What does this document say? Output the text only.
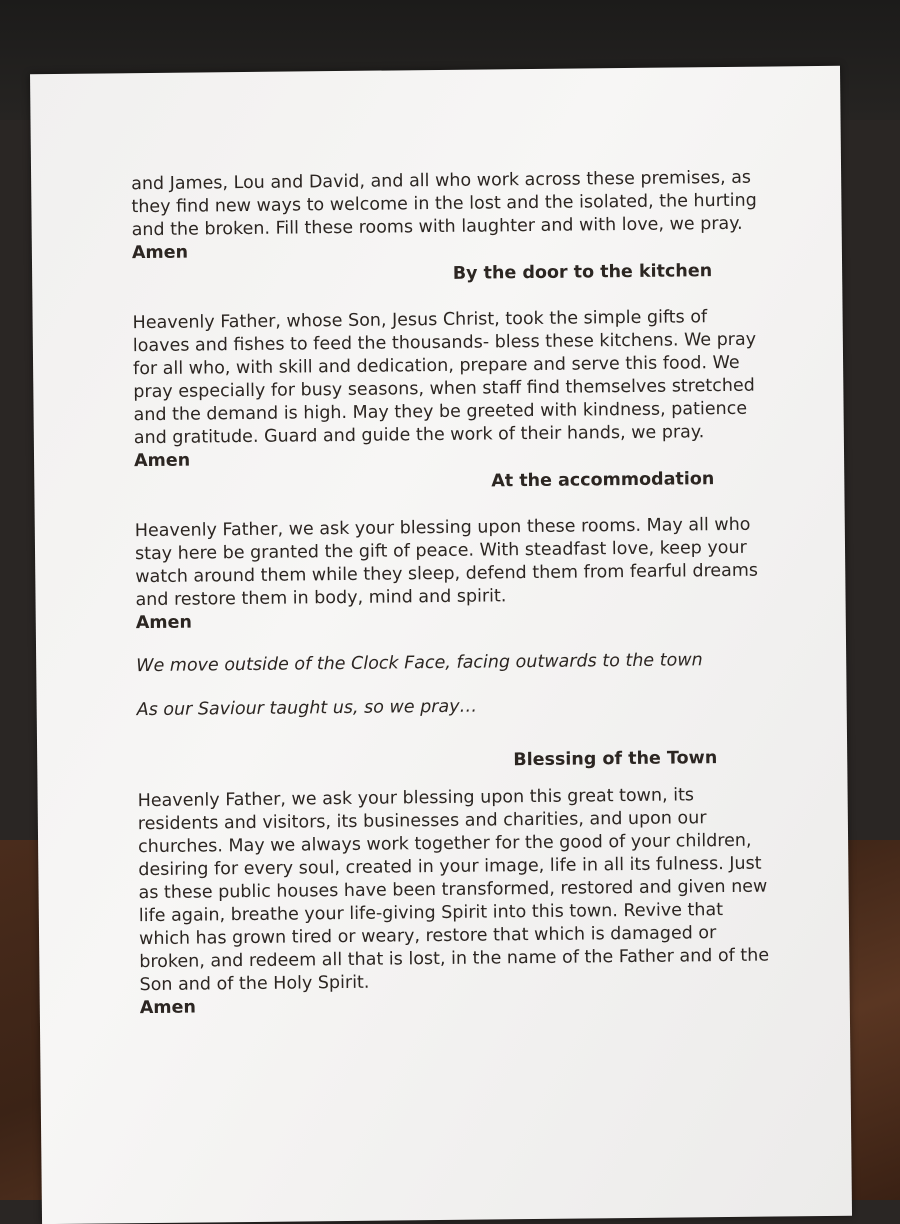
and James, Lou and David, and all who work across these premises, as
they find new ways to welcome in the lost and the isolated, the hurting
and the broken. Fill these rooms with laughter and with love, we pray.

Amen

By the door to the kitchen

Heavenly Father, whose Son, Jesus Christ, took the simple gifts of
loaves and fishes to feed the thousands- bless these kitchens. We pray
for all who, with skill and dedication, prepare and serve this food. We
pray especially for busy seasons, when staff find themselves stretched
and the demand is high. May they be greeted with kindness, patience
and gratitude. Guard and guide the work of their hands, we pray.

Amen

At the accommodation

Heavenly Father, we ask your blessing upon these rooms. May all who
stay here be granted the gift of peace. With steadfast love, keep your
watch around them while they sleep, defend them from fearful dreams
and restore them in body, mind and spirit.

Amen

We move outside of the Clock Face, facing outwards to the town

As our Saviour taught us, so we pray…

Blessing of the Town

Heavenly Father, we ask your blessing upon this great town, its
residents and visitors, its businesses and charities, and upon our
churches. May we always work together for the good of your children,
desiring for every soul, created in your image, life in all its fulness. Just
as these public houses have been transformed, restored and given new
life again, breathe your life-giving Spirit into this town. Revive that
which has grown tired or weary, restore that which is damaged or
broken, and redeem all that is lost, in the name of the Father and of the
Son and of the Holy Spirit.

Amen
